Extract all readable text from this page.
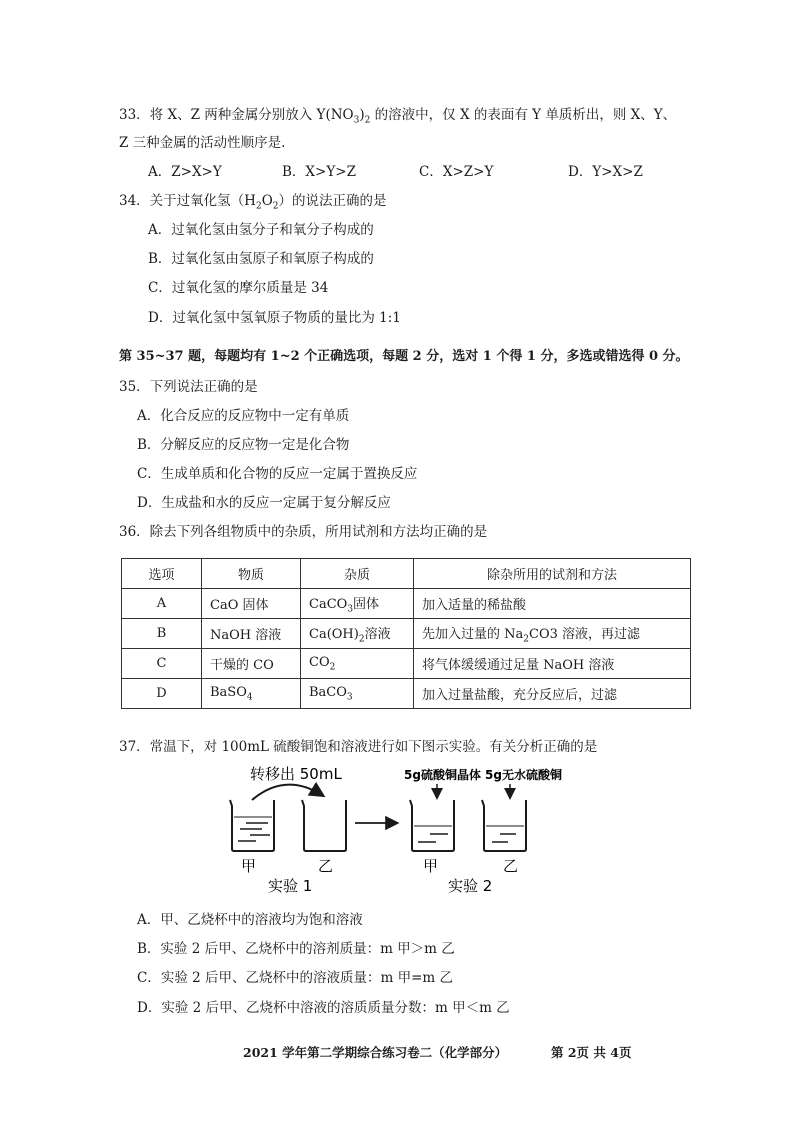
33．将 X、Z 两种金属分别放入 $Y(NO_3)_2$ 的溶液中，仅 X 的表面有 Y 单质析出，则 X、Y、
Z 三种金属的活动性顺序是.
A．Z>X>Y	B．X>Y>Z	C．X>Z>Y	D．Y>X>Z
34．关于过氧化氢$(H_2O_2)$的说法正确的是
A．过氧化氢由氢分子和氧分子构成的
B．过氧化氢由氢原子和氧原子构成的
C．过氧化氢的摩尔质量是 34
D．过氧化氢中氢氧原子物质的量比为 1:1
第 35~37 题，每题均有 1~2 个正确选项，每题 2 分，选对 1 个得 1 分，多选或错选得 0 分。
35．下列说法正确的是
A．化合反应的反应物中一定有单质
B．分解反应的反应物一定是化合物
C．生成单质和化合物的反应一定属于置换反应
D．生成盐和水的反应一定属于复分解反应
36．除去下列各组物质中的杂质，所用试剂和方法均正确的是
选项	物质	杂质	除杂所用的试剂和方法
A	CaO 固体	CaCO$_3$固体	加入适量的稀盐酸
B	NaOH 溶液	$Ca(OH)_2$溶液	先加入过量的 $Na_2CO3$ 溶液，再过滤
C	干燥的 CO	$CO_2$	将气体缓缓通过足量 NaOH 溶液
D	BaSO$_4$	BaCO$_3$	加入过量盐酸，充分反应后，过滤
37．常温下，对 100mL 硫酸铜饱和溶液进行如下图示实验。有关分析正确的是
转移出 50mL	5g硫酸铜晶体 5g无水硫酸铜
甲	乙
实验 1
甲	乙
实验 2
A．甲、乙烧杯中的溶液均为饱和溶液
B．实验 2 后甲、乙烧杯中的溶剂质量：m 甲＞m 乙
C．实验 2 后甲、乙烧杯中的溶液质量：m 甲=m 乙
D．实验 2 后甲、乙烧杯中溶液的溶质质量分数：m 甲＜m 乙
2021 学年第二学期综合练习卷二（化学部分）	第 2页 共 4页
